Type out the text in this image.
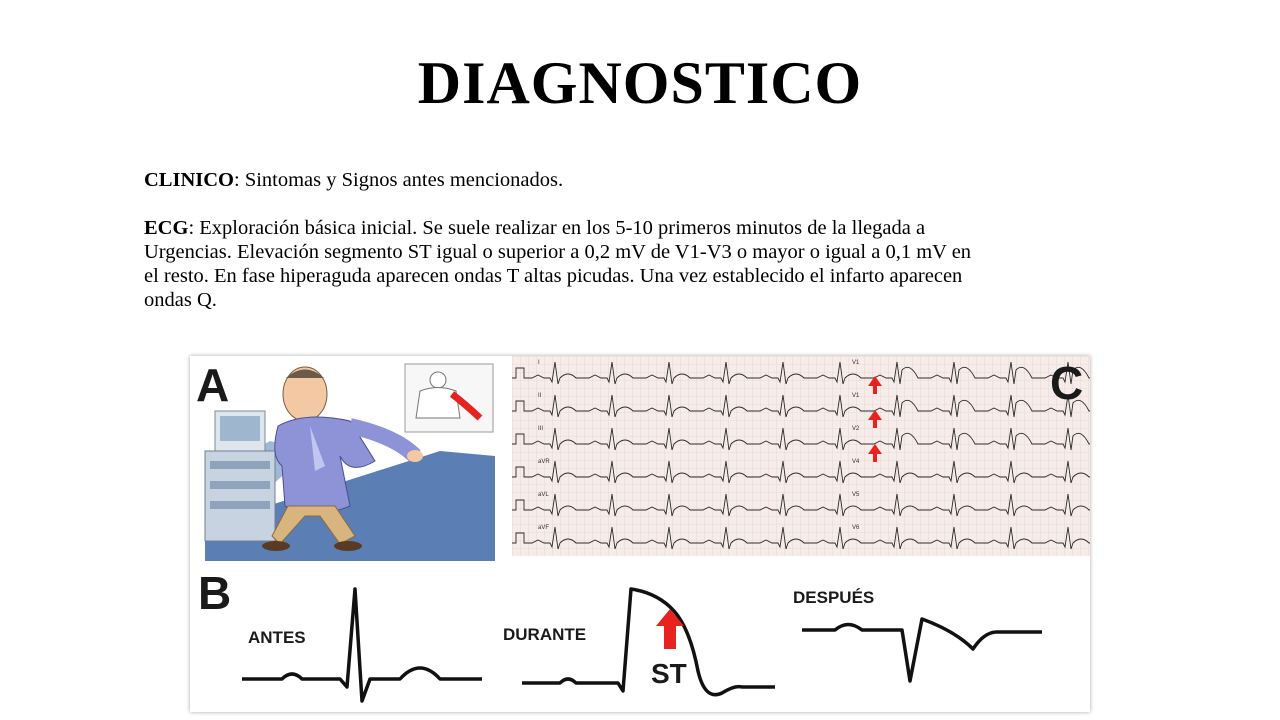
DIAGNOSTICO

CLINICO: Sintomas y Signos antes mencionados.

ECG: Exploración básica inicial. Se suele realizar en los 5-10 primeros minutos de la llegada a Urgencias. Elevación segmento ST igual o superior a 0,2 mV de V1-V3 o mayor o igual a 0,1 mV en el resto. En fase hiperaguda aparecen ondas T altas picudas. Una vez establecido el infarto aparecen ondas Q.

A	I
II
III
aVR
aVL
aVF
V1
V1
V2
V4
V5
V6
C
ANTES	DURANTE
DESPUÉS
ST
B
